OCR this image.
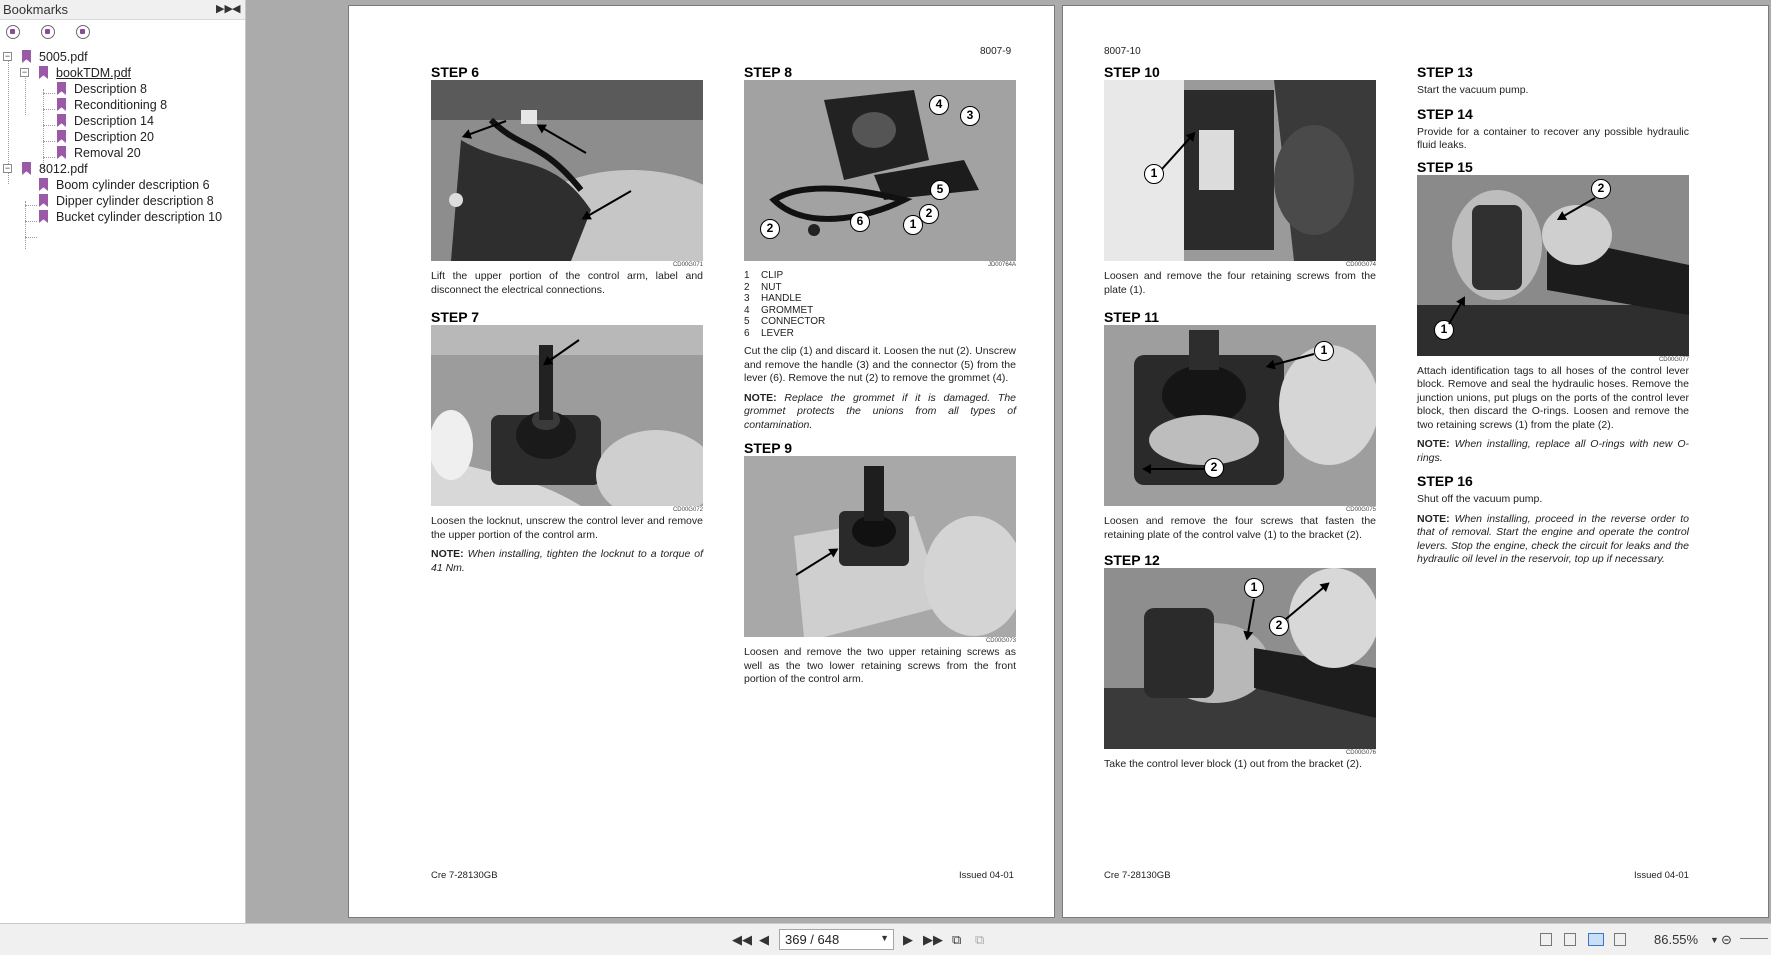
Bookmarks	▶▶ ◀
− 5005.pdf
− bookTDM.pdf
Description 8
Reconditioning 8
Description 14
Description 20
Removal 20
− 8012.pdf
Boom cylinder description 6
Dipper cylinder description 8
Bucket cylinder description 10
8007-9
STEP 6
CD00G071
Lift the upper portion of the control arm, label and disconnect the electrical connections.
STEP 7
CD00G072
Loosen the locknut, unscrew the control lever and remove the upper portion of the control arm.
NOTE: When installing, tighten the locknut to a torque of 41 Nm.
STEP 8
4
3
5
2
1
6
2
JD00764A
1 CLIP
2 NUT
3 HANDLE
4 GROMMET
5 CONNECTOR
6 LEVER
Cut the clip (1) and discard it. Loosen the nut (2). Unscrew and remove the handle (3) and the connector (5) from the lever (6). Remove the nut (2) to remove the grommet (4).
NOTE: Replace the grommet if it is damaged. The grommet protects the unions from all types of contamination.
STEP 9
CD00G073
Loosen and remove the two upper retaining screws as well as the two lower retaining screws from the front portion of the control arm.
Cre 7-28130GB	Issued 04-01
8007-10
STEP 10
1
CD00G074
Loosen and remove the four retaining screws from the plate (1).
STEP 11
1
2
CD00G075
Loosen and remove the four screws that fasten the retaining plate of the control valve (1) to the bracket (2).
STEP 12
1
2
CD00G076
Take the control lever block (1) out from the bracket (2).
STEP 13
Start the vacuum pump.
STEP 14
Provide for a container to recover any possible hydraulic fluid leaks.
STEP 15
2
1
CD00G077
Attach identification tags to all hoses of the control lever block. Remove and seal the hydraulic hoses. Remove the junction unions, put plugs on the ports of the control lever block, then discard the O-rings. Loosen and remove the two retaining screws (1) from the plate (2).
NOTE: When installing, replace all O-rings with new O-rings.
STEP 16
Shut off the vacuum pump.
NOTE: When installing, proceed in the reverse order to that of removal. Start the engine and operate the control levers. Stop the engine, check the circuit for leaks and the hydraulic oil level in the reservoir, top up if necessary.
Cre 7-28130GB	Issued 04-01
◀◀ ◀	369 / 648	▼ ▶ ▶▶ ⧉ ⧉	86.55% ▼ ⊝
